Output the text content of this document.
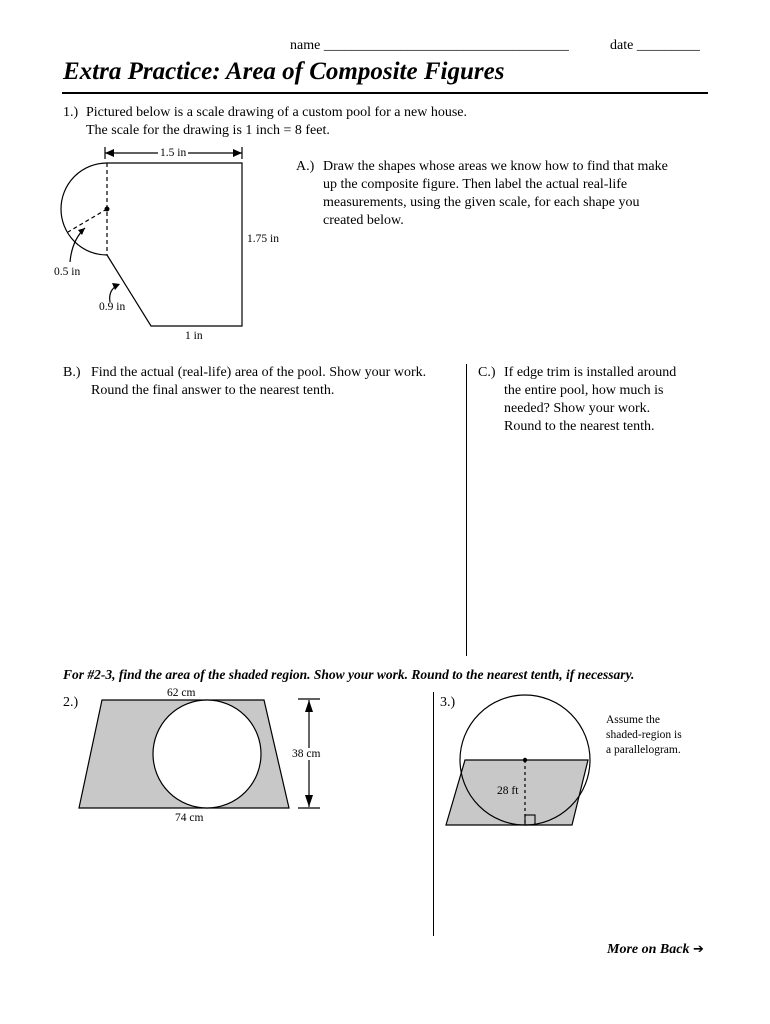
name ___________________________________	date _________
Extra Practice: Area of Composite Figures
1.) Pictured below is a scale drawing of a custom pool for a new house.
The scale for the drawing is 1 inch = 8 feet.
1.5 in
1.75 in
0.5 in
0.9 in
1 in
A.) Draw the shapes whose areas we know how to find that make
up the composite figure. Then label the actual real-life
measurements, using the given scale, for each shape you
created below.
B.) Find the actual (real-life) area of the pool. Show your work.
Round the final answer to the nearest tenth.
C.) If edge trim is installed around
the entire pool, how much is
needed? Show your work.
Round to the nearest tenth.
For #2-3, find the area of the shaded region. Show your work. Round to the nearest tenth, if necessary.
2.)
62 cm
38 cm
74 cm
3.)
28 ft
Assume the
shaded-region is
a parallelogram.
More on Back ➔
